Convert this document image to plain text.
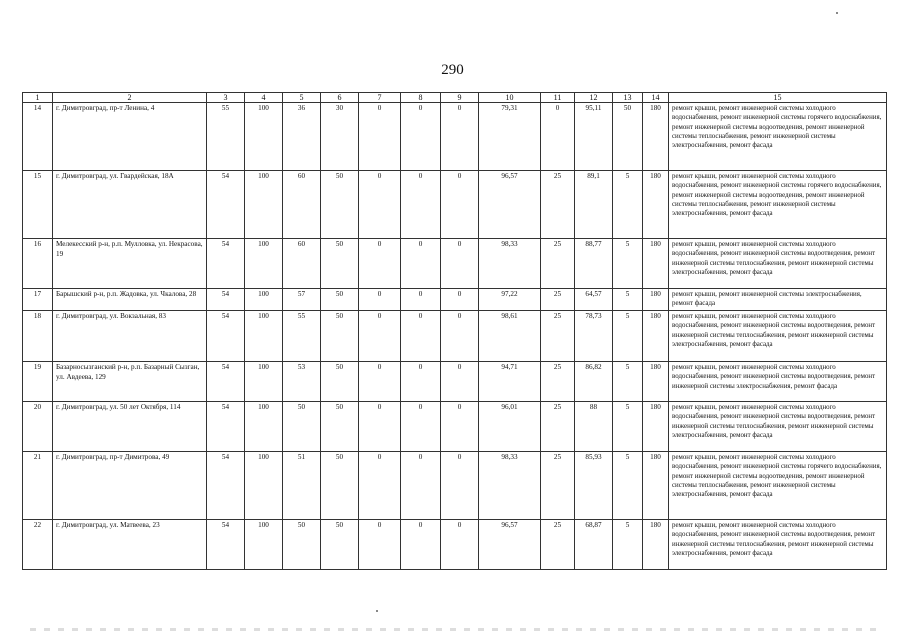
290
1	2	3	4	5	6	7	8	9	10	11	12	13	14	15
14	г. Димитровград, пр-т Ленина, 4	55	100	36	30	0	0	0	79,31	0	95,11	50	180	ремонт крыши, ремонт инженерной системы холодного водоснабжения, ремонт инженерной системы горячего водоснабжения, ремонт инженерной системы водоотведения, ремонт инженерной системы теплоснабжения, ремонт инженерной системы электроснабжения, ремонт фасада
15	г. Димитровград, ул. Гвардейская, 18А	54	100	60	50	0	0	0	96,57	25	89,1	5	180	ремонт крыши, ремонт инженерной системы холодного водоснабжения, ремонт инженерной системы горячего водоснабжения, ремонт инженерной системы водоотведения, ремонт инженерной системы теплоснабжения, ремонт инженерной системы электроснабжения, ремонт фасада
16	Мелекесский р-н, р.п. Мулловка, ул. Некрасова, 19	54	100	60	50	0	0	0	98,33	25	88,77	5	180	ремонт крыши, ремонт инженерной системы холодного водоснабжения, ремонт инженерной системы водоотведения, ремонт инженерной системы теплоснабжения, ремонт инженерной системы электроснабжения, ремонт фасада
17	Барышский р-н, р.п. Жадовка, ул. Чкалова, 28	54	100	57	50	0	0	0	97,22	25	64,57	5	180	ремонт крыши, ремонт инженерной системы электроснабжения, ремонт фасада
18	г. Димитровград, ул. Вокзальная, 83	54	100	55	50	0	0	0	98,61	25	78,73	5	180	ремонт крыши, ремонт инженерной системы холодного водоснабжения, ремонт инженерной системы водоотведения, ремонт инженерной системы теплоснабжения, ремонт инженерной системы электроснабжения, ремонт фасада
19	Базарносызганский р-н, р.п. Базарный Сызган, ул. Авдеева, 129	54	100	53	50	0	0	0	94,71	25	86,82	5	180	ремонт крыши, ремонт инженерной системы холодного водоснабжения, ремонт инженерной системы водоотведения, ремонт инженерной системы электроснабжения, ремонт фасада
20	г. Димитровград, ул. 50 лет Октября, 114	54	100	50	50	0	0	0	96,01	25	88	5	180	ремонт крыши, ремонт инженерной системы холодного водоснабжения, ремонт инженерной системы водоотведения, ремонт инженерной системы теплоснабжения, ремонт инженерной системы электроснабжения, ремонт фасада
21	г. Димитровград, пр-т Димитрова, 49	54	100	51	50	0	0	0	98,33	25	85,93	5	180	ремонт крыши, ремонт инженерной системы холодного водоснабжения, ремонт инженерной системы горячего водоснабжения, ремонт инженерной системы водоотведения, ремонт инженерной системы теплоснабжения, ремонт инженерной системы электроснабжения, ремонт фасада
22	г. Димитровград, ул. Матвеева, 23	54	100	50	50	0	0	0	96,57	25	68,87	5	180	ремонт крыши, ремонт инженерной системы холодного водоснабжения, ремонт инженерной системы водоотведения, ремонт инженерной системы теплоснабжения, ремонт инженерной системы электроснабжения, ремонт фасада
